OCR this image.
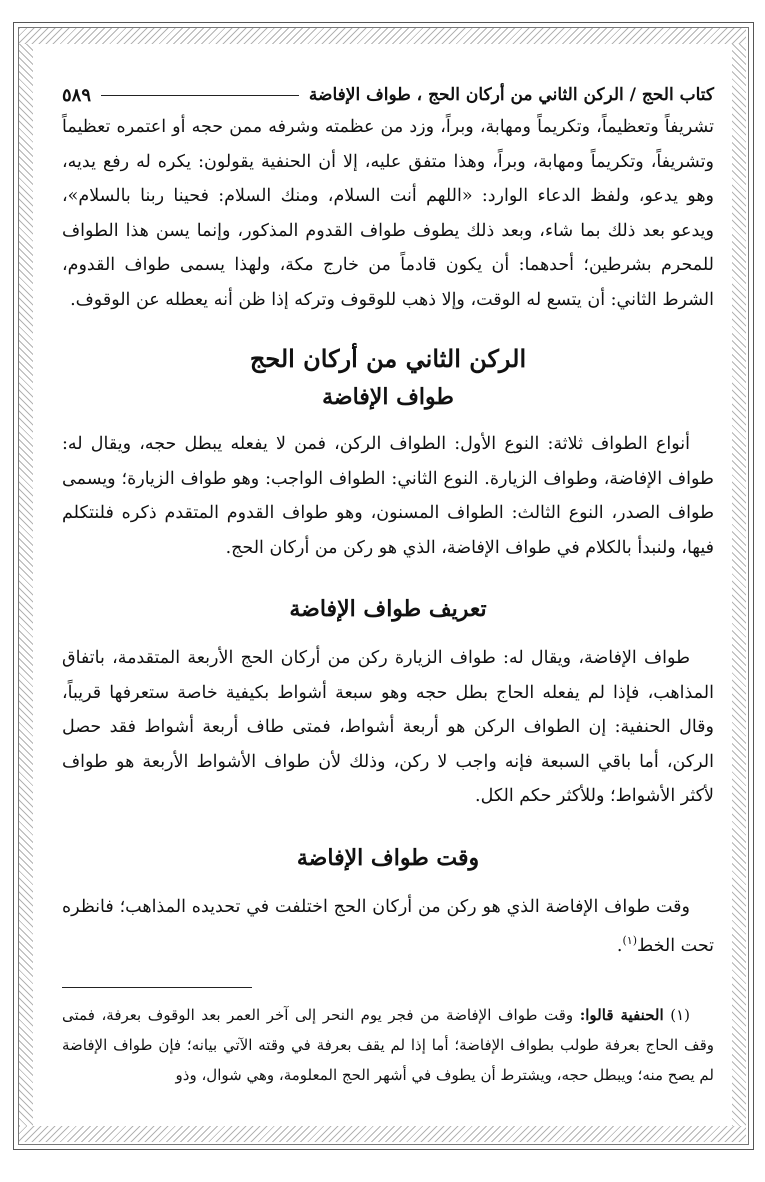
كتاب الحج / الركن الثاني من أركان الحج ، طواف الإفاضة
٥٨٩

تشريفاً وتعظيماً، وتكريماً ومهابة، وبراً، وزد من عظمته وشرفه ممن حجه أو اعتمره تعظيماً وتشريفاً، وتكريماً ومهابة، وبراً، وهذا متفق عليه، إلا أن الحنفية يقولون: يكره له رفع يديه، وهو يدعو، ولفظ الدعاء الوارد: «اللهم أنت السلام، ومنك السلام: فحينا ربنا بالسلام»، ويدعو بعد ذلك بما شاء، وبعد ذلك يطوف طواف القدوم المذكور، وإنما يسن هذا الطواف للمحرم بشرطين؛ أحدهما: أن يكون قادماً من خارج مكة، ولهذا يسمى طواف القدوم، الشرط الثاني: أن يتسع له الوقت، وإلا ذهب للوقوف وتركه إذا ظن أنه يعطله عن الوقوف.

الركن الثاني من أركان الحج
طواف الإفاضة

أنواع الطواف ثلاثة: النوع الأول: الطواف الركن، فمن لا يفعله يبطل حجه، ويقال له: طواف الإفاضة، وطواف الزيارة. النوع الثاني: الطواف الواجب: وهو طواف الزيارة؛ ويسمى طواف الصدر، النوع الثالث: الطواف المسنون، وهو طواف القدوم المتقدم ذكره فلنتكلم فيها، ولنبدأ بالكلام في طواف الإفاضة، الذي هو ركن من أركان الحج.

تعريف طواف الإفاضة

طواف الإفاضة، ويقال له: طواف الزيارة ركن من أركان الحج الأربعة المتقدمة، باتفاق المذاهب، فإذا لم يفعله الحاج بطل حجه وهو سبعة أشواط بكيفية خاصة ستعرفها قريباً، وقال الحنفية: إن الطواف الركن هو أربعة أشواط، فمتى طاف أربعة أشواط فقد حصل الركن، أما باقي السبعة فإنه واجب لا ركن، وذلك لأن طواف الأشواط الأربعة هو طواف لأكثر الأشواط؛ وللأكثر حكم الكل.

وقت طواف الإفاضة

وقت طواف الإفاضة الذي هو ركن من أركان الحج اختلفت في تحديده المذاهب؛ فانظره تحت الخط$^{(١)}$.

(١) الحنفية قالوا: وقت طواف الإفاضة من فجر يوم النحر إلى آخر العمر بعد الوقوف بعرفة، فمتى وقف الحاج بعرفة طولب بطواف الإفاضة؛ أما إذا لم يقف بعرفة في وقته الآتي بيانه؛ فإن طواف الإفاضة لم يصح منه؛ ويبطل حجه، ويشترط أن يطوف في أشهر الحج المعلومة، وهي شوال، وذو
